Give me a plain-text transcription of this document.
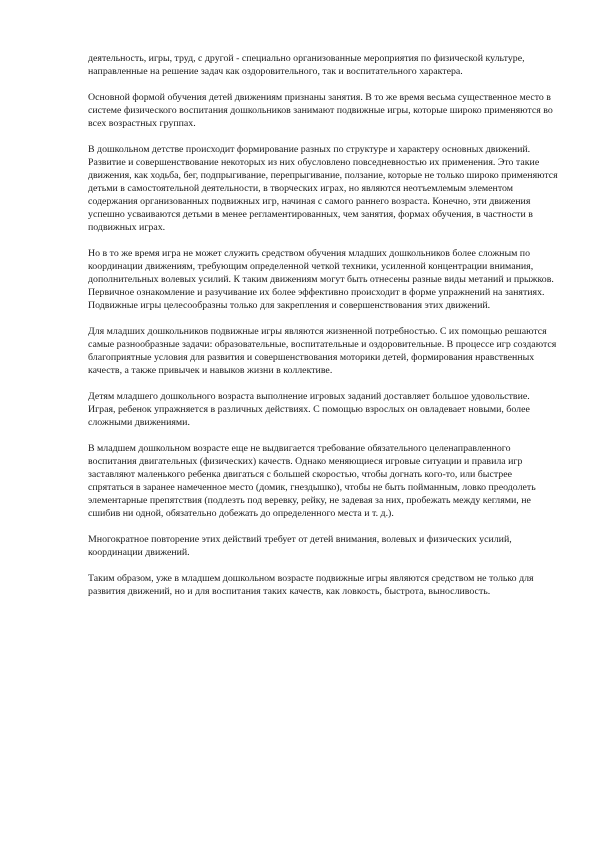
деятельность, игры, труд, с другой - специально организованные мероприятия по физической культуре, направленные на решение задач как оздоровительного, так и воспитательного характера.

Основной формой обучения детей движениям признаны занятия. В то же время весьма существенное место в системе физического воспитания дошкольников занимают подвижные игры, которые широко применяются во всех возрастных группах.

В дошкольном детстве происходит формирование разных по структуре и характеру основных движений. Развитие и совершенствование некоторых из них обусловлено повседневностью их применения. Это такие движения, как ходьба, бег, подпрыгивание, перепрыгивание, ползание, которые не только широко применяются детьми в самостоятельной деятельности, в творческих играх, но являются неотъемлемым элементом содержания организованных подвижных игр, начиная с самого раннего возраста. Конечно, эти движения успешно усваиваются детьми в менее регламентированных, чем занятия, формах обучения, в частности в подвижных играх.

Но в то же время игра не может служить средством обучения младших дошкольников более сложным по координации движениям, требующим определенной четкой техники, усиленной концентрации внимания, дополнительных волевых усилий. К таким движениям могут быть отнесены разные виды метаний и прыжков. Первичное ознакомление и разучивание их более эффективно происходит в форме упражнений на занятиях. Подвижные игры целесообразны только для закрепления и совершенствования этих движений.

Для младших дошкольников подвижные игры являются жизненной потребностью. С их помощью решаются самые разнообразные задачи: образовательные, воспитательные и оздоровительные. В процессе игр создаются благоприятные условия для развития и совершенствования моторики детей, формирования нравственных качеств, а также привычек и навыков жизни в коллективе.

Детям младшего дошкольного возраста выполнение игровых заданий доставляет большое удовольствие. Играя, ребенок упражняется в различных действиях. С помощью взрослых он овладевает новыми, более сложными движениями.

В младшем дошкольном возрасте еще не выдвигается требование обязательного целенаправленного воспитания двигательных (физических) качеств. Однако меняющиеся игровые ситуации и правила игр заставляют маленького ребенка двигаться с большей скоростью, чтобы догнать кого-то, или быстрее спрятаться в заранее намеченное место (домик, гнездышко), чтобы не быть пойманным, ловко преодолеть элементарные препятствия (подлезть под веревку, рейку, не задевая за них, пробежать между кеглями, не сшибив ни одной, обязательно добежать до определенного места и т. д.).

Многократное повторение этих действий требует от детей внимания, волевых и физических усилий, координации движений.

Таким образом, уже в младшем дошкольном возрасте подвижные игры являются средством не только для развития движений, но и для воспитания таких качеств, как ловкость, быстрота, выносливость.
